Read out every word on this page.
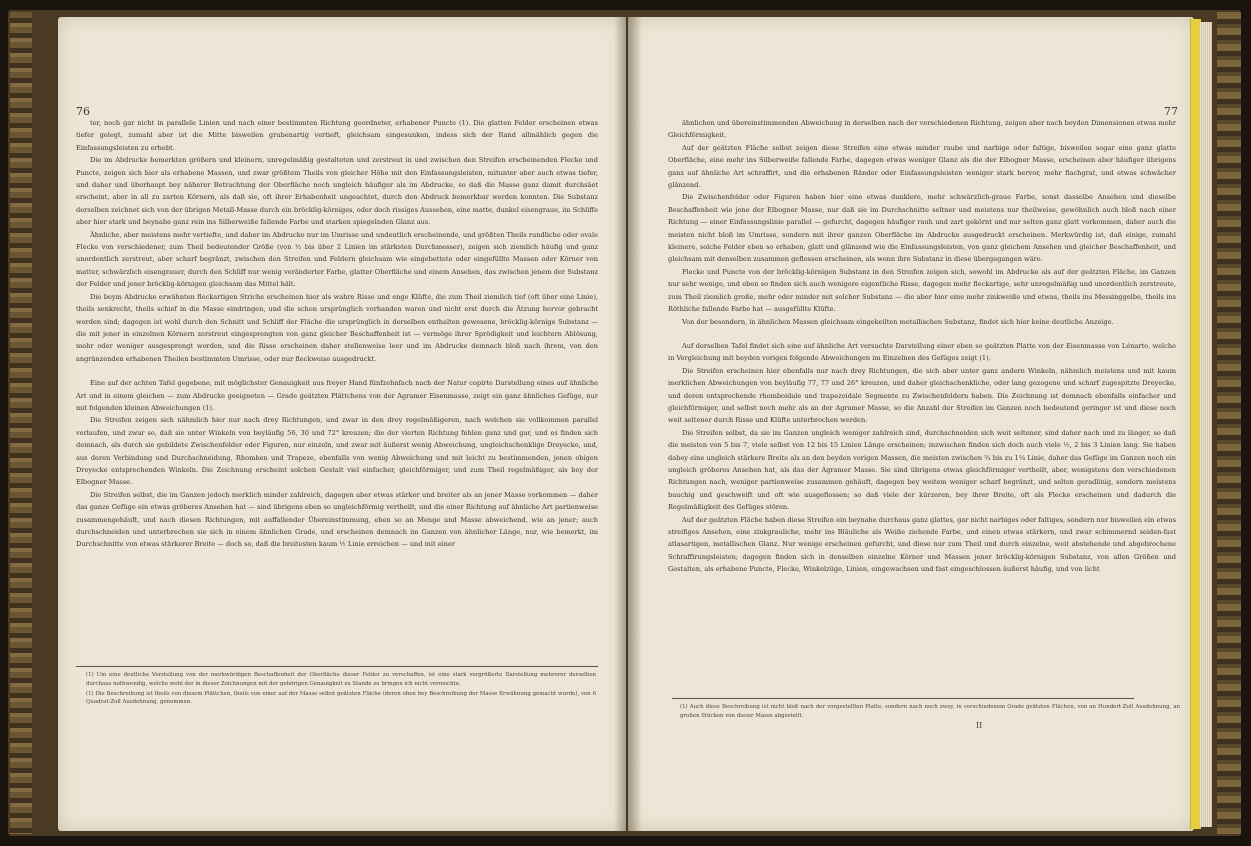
76

ter, noch gar nicht in parallele Linien und nach einer bestimmten Richtung geordneter, erhabener Puncte (1). Die glatten Felder erscheinen etwas tiefer gelegt, zumahl aber ist die Mitte bisweilen grubenartig vertieft, gleichsam eingesunken, indess sich der Rand allmählich gegen die Einfassungsleisten zu erhebt.

Die im Abdrucke bemerkten größern und kleinern, unregelmäßig gestalteten und zerstreut in und zwischen den Streifen erscheinenden Flecke und Puncte, zeigen sich hier als erhabene Massen, und zwar größtem Theils von gleicher Höhe mit den Einfassungsleisten, mitunter aber auch etwas tiefer, und daher und überhaupt bey näherer Betrachtung der Oberfläche noch ungleich häufiger als im Abdrucke, so daß die Masse ganz damit durchsäet erscheint, aber in all zu zarten Körnern, als daß sie, oft ihrer Erhabenheit ungeachtet, durch den Abdruck bemerkbar werden konnten. Die Substanz derselben zeichnet sich von der übrigen Metall-Masse durch ein bröcklig-körniges, oder doch rissiges Aussehen, eine matte, dunkel eisengraue, im Schliffe aber hier stark und beynahe ganz rein ins Silberweiße fallende Farbe und starken spiegelnden Glanz aus.

Ähnliche, aber meistens mehr vertiefte, und daher im Abdrucke nur im Umrisse und undeutlich erscheinende, und größten Theils rundliche oder ovale Flecke von verschiedener, zum Theil bedeutender Größe (von ½ bis über 2 Linien im stärksten Durchmesser), zeigen sich ziemlich häufig und ganz unordentlich zerstreut, aber scharf begränzt, zwischen den Streifen und Feldern gleichsam wie eingebettete oder eingefüllte Massen oder Körner von matter, schwärzlich eisengrauer, durch den Schliff nur wenig veränderter Farbe, glatter Oberfläche und einem Ansehen, das zwischen jenem der Substanz der Felder und jener bröcklig-körnigen gleichsam das Mittel hält.

Die beym Abdrucke erwähnten fleckartigen Striche erscheinen hier als wahre Risse und enge Klüfte, die zum Theil ziemlich tief (oft über eine Linie), theils senkrecht, theils schief in die Masse eindringen, und die schon ursprünglich vorhanden waren und nicht erst durch die Ätzung hervor gebracht worden sind; dagegen ist wohl durch den Schnitt und Schliff der Fläche die ursprünglich in derselben enthalten gewesene, bröcklig-körnige Substanz — die mit jener in einzelnen Körnern zerstreut eingesprengten von ganz gleicher Beschaffenheit ist — vermöge ihrer Sprödigkeit und leichtern Ablösung, mehr oder weniger ausgesprengt worden, und die Risse erscheinen daher stellenweise leer und im Abdrucke demnach bloß nach ihrem, von den angränzenden erhabenen Theilen bestimmten Umrisse, oder nur fleckweise ausgedruckt.

Eine auf der achten Tafel gegebene, mit möglichster Genauigkeit aus freyer Hand fünfzehnfach nach der Natur copirte Darstellung eines auf ähnliche Art und in einem gleichen — zum Abdrucke geeigneten — Grade geätzten Plättchens von der Agramer Eisenmasse, zeigt ein ganz ähnliches Gefüge, nur mit folgenden kleinen Abweichungen (1).

Die Streifen zeigen sich nähmlich hier nur nach drey Richtungen, und zwar in den drey regelmäßigeren, nach welchen sie vollkommen parallel verlaufen, und zwar so, daß sie unter Winkeln von beyläufig 56, 30 und 72° kreuzen; die der vierten Richtung fehlen ganz und gar, und es finden sich demnach, als durch sie gebildete Zwischenfelder oder Figuren, nur einzeln, und zwar mit äußerst wenig Abweichung, ungleichschenklige Dreyecke, und, aus deren Verbindung und Durchschneidung, Rhomben und Trapeze, ebenfalls von wenig Abweichung und mit leicht zu bestimmenden, jenen obigen Dreyecke entsprechenden Winkeln. Die Zeichnung erscheint solchen Gestalt viel einfacher, gleichförmiger, und zum Theil regelmäßiger, als bey der Elbogner Masse.

Die Streifen selbst, die im Ganzen jedoch merklich minder zahlreich, dagegen aber etwas stärker und breiter als an jener Masse vorkommen — daher das ganze Gefüge ein etwas gröberes Ansehen hat — sind übrigens eben so ungleichförmig vertheilt, und die einer Richtung auf ähnliche Art partienweise zusammengehäuft, und nach diesen Richtungen, mit auffallender Übereinstimmung, eben so an Menge und Masse abweichend, wie an jener; auch durchschneiden und unterbrechen sie sich in einem ähnlichen Grade, und erscheinen demnach im Ganzen von ähnlicher Länge, nur, wie bemerkt, im Durchschnitte von etwas stärkerer Breite — doch so, daß die breitesten kaum ½ Linie erreichen — und mit einer

(1) Um eine deutliche Vorstellung von der merkwürdigen Beschaffenheit der Oberfläche dieser Felder zu verschaffen, ist eine stark vergrößerte Darstellung mehrerer derselben durchaus nothwendig, welche wohl der in dieser Zeichnungen mit der gehörigen Genauigkeit zu Stande zu bringen ich nicht vermochte.

(1) Die Beschreibung ist theils von diesem Plättchen, theils von einer auf der Masse selbst geätzten Fläche (deren oben bey Beschreibung der Masse Erwähnung gemacht wurde), von 6 Quadrat-Zoll Ausdehnung, genommen.

77

ähnlichen und übereinstimmenden Abweichung in derselben nach der verschiedenen Richtung, zeigen aber nach beyden Dimensionen etwas mehr Gleichförmigkeit.

Auf der geätzten Fläche selbst zeigen diese Streifen eine etwas minder raube und narbige oder faltige, bisweilen sogar eine ganz glatte Oberfläche, eine mehr ins Silberweiße fallende Farbe, dagegen etwas weniger Glanz als die der Elbogner Masse, erscheinen aber häufiger übrigens ganz auf ähnliche Art schraffirt, und die erhabenen Ränder oder Einfassungsleisten weniger stark hervor, mehr flachgrat, und etwas schwächer glänzend.

Die Zwischenfelder oder Figuren haben hier eine etwas dunklere, mehr schwärzlich-graue Farbe, sonst dasselbe Ansehen und dieselbe Beschaffenheit wie jene der Elbogner Masse, nur daß sie im Durchschnitte seltner und meistens nur theilweise, gewöhnlich auch bloß nach einer Richtung — einer Einfassungslinie parallel — gefurcht, dagegen häufiger rauh und zart gekörnt und nur selten ganz glatt vorkommen, daher auch die meisten nicht bloß im Umrisse, sondern mit ihrer ganzen Oberfläche im Abdrucke ausgedruckt erscheinen. Merkwürdig ist, daß einige, zumahl kleinere, solche Felder eben so erhaben, glatt und glänzend wie die Einfassungsleisten, von ganz gleichem Ansehen und gleicher Beschaffenheit, und gleichsam mit denselben zusammen geflossen erscheinen, als wenn ihre Substanz in diese übergegangen wäre.

Flecke und Puncte von der bröcklig-körnigen Substanz in den Streifen zeigen sich, sowohl im Abdrucke als auf der geätzten Fläche, im Ganzen nur sehr wenige, und eben so finden sich auch wenigere eigentliche Risse, dagegen mehr fleckartige, sehr unregelmäßig und unordentlich zerstreute, zum Theil ziemlich große, mehr oder minder mit solcher Substanz — die aber hier eine mehr zinkweiße und etwas, theils ins Messinggelbe, theils ins Röthliche fallende Farbe hat — ausgefüllte Klüfte.

Von der besondern, in ähnlichen Massen gleichsam eingekeilten metallischen Substanz, findet sich hier keine deutliche Anzeige.

Auf derselben Tafel findet sich eine auf ähnliche Art versuchte Darstellung einer eben so geätzten Platte von der Eisenmasse von Lénarto, welche in Vergleichung mit beyden vorigen folgende Abweichungen im Einzelnen des Gefüges zeigt (1).

Die Streifen erscheinen hier ebenfalls nur nach drey Richtungen, die sich aber unter ganz andern Winkeln, nähmlich meistens und mit kaum merklichen Abweichungen von beyläufig 77, 77 und 26° kreuzen, und daher gleichschenkliche, oder lang gezogene und scharf zugespitzte Dreyecke, und deren entsprechende rhomboidale und trapezoidale Segmente zu Zwischenfeldern haben. Die Zeichnung ist demnach ebenfalls einfacher und gleichförmiger, und selbst noch mehr als an der Agramer Masse, so die Anzahl der Streifen im Ganzen noch bedeutend geringer ist und diese noch weit seltener durch Risse und Klüfte unterbrochen werden.

Die Streifen selbst, da sie im Ganzen ungleich weniger zahlreich sind, durchschneiden sich weit seltener, sind daher nach und zu länger, so daß die meisten von 5 bis 7, viele selbst von 12 bis 15 Linien Länge erscheinen; inzwischen finden sich doch auch viele ½, 2 bis 3 Linien lang. Sie haben dabey eine ungleich stärkere Breite als an den beyden vorigen Massen, die meisten zwischen ¾ bis zu 1¼ Linie, daher das Gefüge im Ganzen noch ein ungleich gröberes Ansehen hat, als das der Agramer Masse. Sie sind übrigens etwas gleichförmiger vertheilt, aber, wenigstens den verschiedenen Richtungen nach, weniger partienweise zusammen gehäuft, dagegen bey weitem weniger scharf begränzt, und selten geradlinig, sondern meistens bauchig und geschweift und oft wie ausgeflossen; so daß viele der kürzeren, bey ihrer Breite, oft als Flecke erscheinen und dadurch die Regelmäßigkeit des Gefüges stören.

Auf der geätzten Fläche haben diese Streifen ein beynahe durchaus ganz glattes, gar nicht narbiges oder faltiges, sondern nur bisweilen ein etwas streifiges Ansehen, eine zinkgrauliche, mehr ins Bläuliche als Weiße ziehende Farbe, und einen etwas stärkern, und zwar schimmernd seiden-fast atlasartigen, metallischen Glanz. Nur wenige erscheinen gefurcht, und diese nur zum Theil und durch einzelne, weit abstehende und abgebrochene Schraffirungsleisten; dagegen finden sich in denselben einzelne Körner und Massen jener bröcklig-körnigen Substanz, von allen Größen und Gestalten, als erhabene Puncte, Flecke, Winkelzüge, Linien, eingewachsen und fast eingeschlossen äußerst häufig, und von licht

(1) Auch diese Beschreibung ist nicht bloß nach der vorgestellten Platte, sondern nach noch zwey, in verschiedenem Grade geätzten Flächen, von an Hundert-Zoll Ausdehnung, an großen Stücken von dieser Masse abgestellt.

II
